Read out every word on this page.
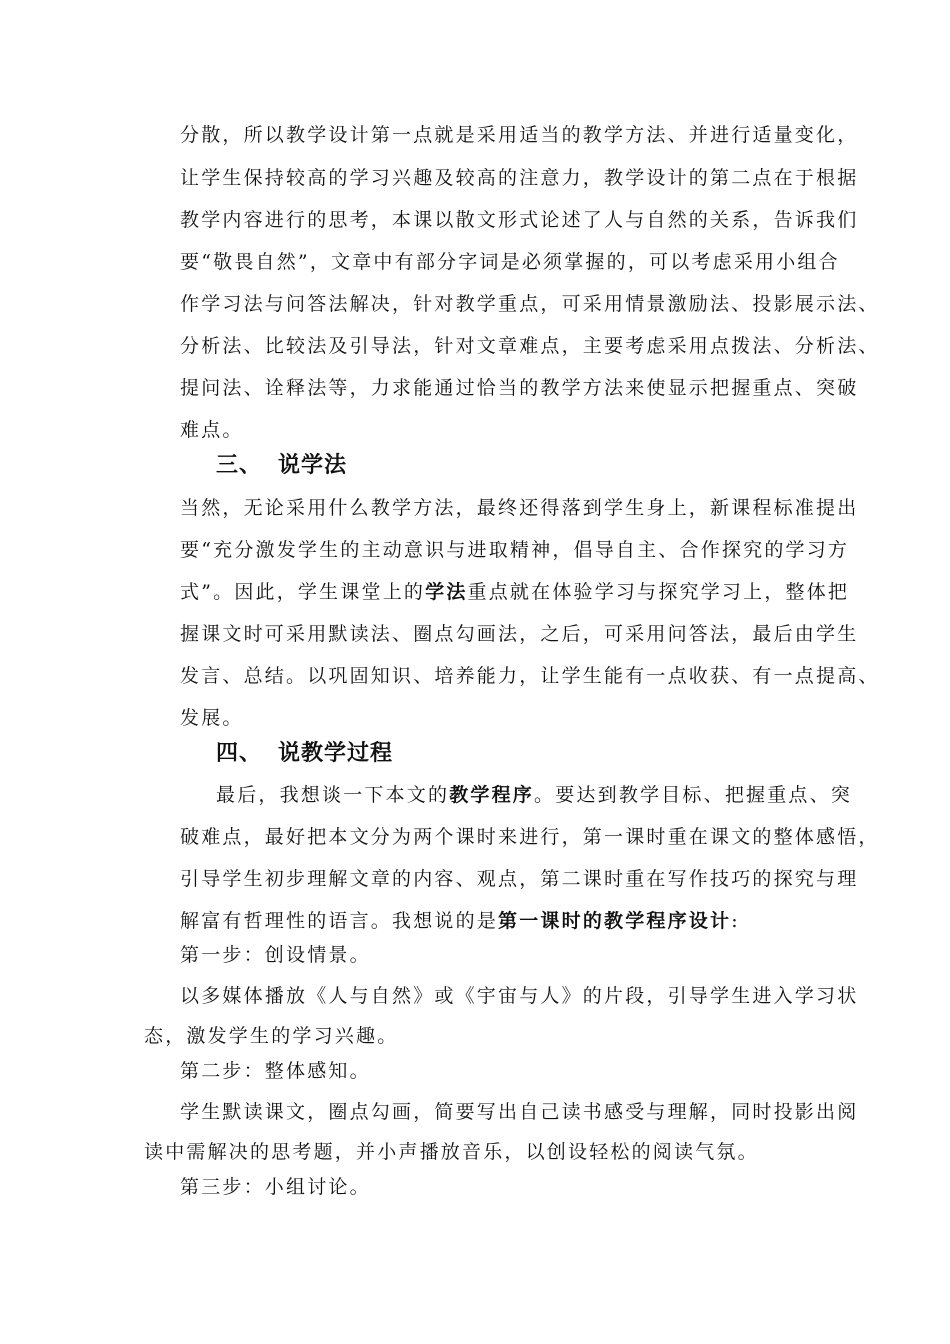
分散，所以教学设计第一点就是采用适当的教学方法、并进行适量变化，
让学生保持较高的学习兴趣及较高的注意力，教学设计的第二点在于根据
教学内容进行的思考，本课以散文形式论述了人与自然的关系，告诉我们
要“敬畏自然”，文章中有部分字词是必须掌握的，可以考虑采用小组合
作学习法与问答法解决，针对教学重点，可采用情景激励法、投影展示法、
分析法、比较法及引导法，针对文章难点，主要考虑采用点拨法、分析法、
提问法、诠释法等，力求能通过恰当的教学方法来使显示把握重点、突破
难点。
三、 说学法
当然，无论采用什么教学方法，最终还得落到学生身上，新课程标准提出
要“充分激发学生的主动意识与进取精神，倡导自主、合作探究的学习方
式”。因此，学生课堂上的学法重点就在体验学习与探究学习上，整体把
握课文时可采用默读法、圈点勾画法，之后，可采用问答法，最后由学生
发言、总结。以巩固知识、培养能力，让学生能有一点收获、有一点提高、
发展。
四、 说教学过程
最后，我想谈一下本文的教学程序。要达到教学目标、把握重点、突
破难点，最好把本文分为两个课时来进行，第一课时重在课文的整体感悟，
引导学生初步理解文章的内容、观点，第二课时重在写作技巧的探究与理
解富有哲理性的语言。我想说的是第一课时的教学程序设计:
第一步：创设情景。
以多媒体播放《人与自然》或《宇宙与人》的片段，引导学生进入学习状
态，激发学生的学习兴趣。
第二步：整体感知。
学生默读课文，圈点勾画，简要写出自己读书感受与理解，同时投影出阅
读中需解决的思考题，并小声播放音乐，以创设轻松的阅读气氛。
第三步：小组讨论。
